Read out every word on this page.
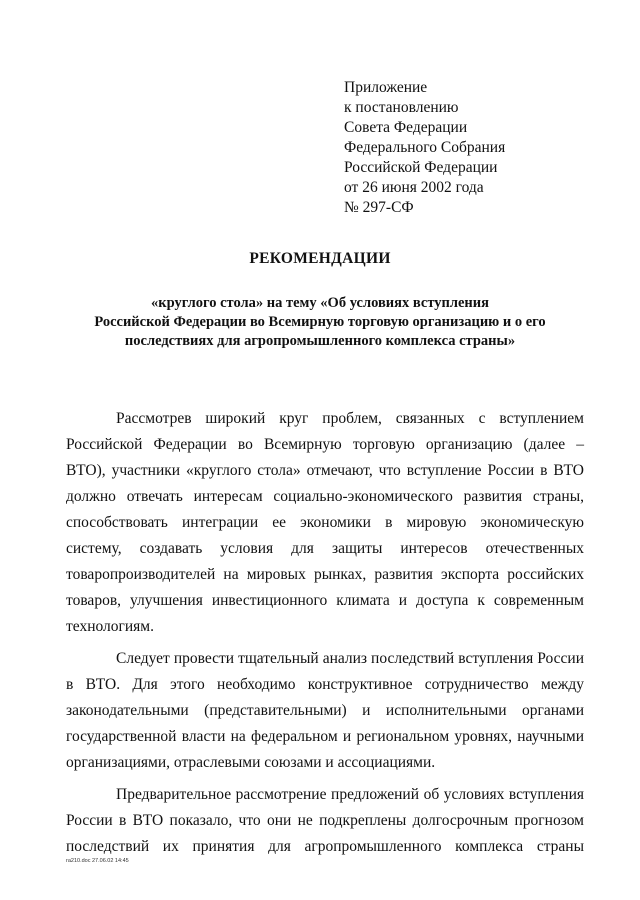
Приложение
к постановлению
Совета Федерации
Федерального Собрания
Российской Федерации
от 26 июня 2002 года
№ 297-СФ
РЕКОМЕНДАЦИИ
«круглого стола» на тему «Об условиях вступления
Российской Федерации во Всемирную торговую организацию и о его
последствиях для агропромышленного комплекса страны»
Рассмотрев широкий круг проблем, связанных с вступлением
Российской Федерации во Всемирную торговую организацию (далее –
ВТО), участники «круглого стола» отмечают, что вступление России в ВТО
должно отвечать интересам социально-экономического развития страны,
способствовать интеграции ее экономики в мировую экономическую
систему, создавать условия для защиты интересов отечественных
товаропроизводителей на мировых рынках, развития экспорта российских
товаров, улучшения инвестиционного климата и доступа к современным
технологиям.
Следует провести тщательный анализ последствий вступления России
в ВТО. Для этого необходимо конструктивное сотрудничество между
законодательными (представительными) и исполнительными органами
государственной власти на федеральном и региональном уровнях, научными
организациями, отраслевыми союзами и ассоциациями.
Предварительное рассмотрение предложений об условиях вступления
России в ВТО показало, что они не подкреплены долгосрочным прогнозом
последствий их принятия для агропромышленного комплекса страны
ra210.doc 27.06.02 14:45
